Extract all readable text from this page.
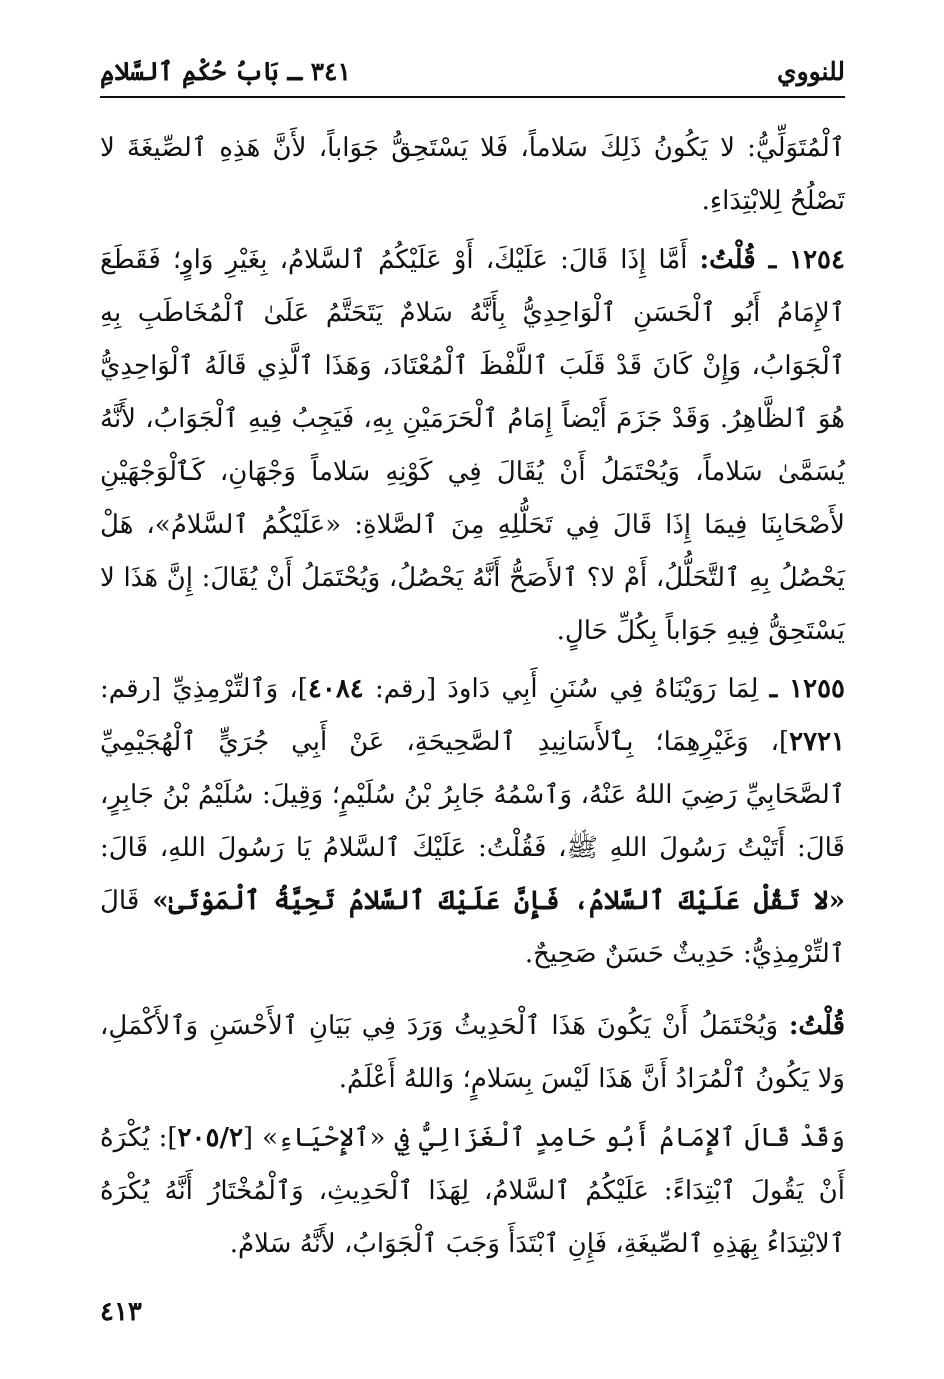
للنووي
٣٤١ ـ بَابُ حُكْمِ ٱلسَّلامِ

ٱلْمُتَوَلِّيُّ: لا يَكُونُ ذَلِكَ سَلاماً، فَلا يَسْتَحِقُّ جَوَاباً، لأَنَّ هَذِهِ ٱلصِّيغَةَ لا تَصْلُحُ لِلابْتِدَاءِ.

١٢٥٤ ـ قُلْتُ: أَمَّا إِذَا قَالَ: عَلَيْكَ، أَوْ عَلَيْكُمُ ٱلسَّلامُ، بِغَيْرِ وَاوٍ؛ فَقَطَعَ ٱلإِمَامُ أَبُو ٱلْحَسَنِ ٱلْوَاحِدِيُّ بِأَنَّهُ سَلامٌ يَتَحَتَّمُ عَلَىٰ ٱلْمُخَاطَبِ بِهِ ٱلْجَوَابُ، وَإِنْ كَانَ قَدْ قَلَبَ ٱللَّفْظَ ٱلْمُعْتَادَ، وَهَذَا ٱلَّذِي قَالَهُ ٱلْوَاحِدِيُّ هُوَ ٱلظَّاهِرُ. وَقَدْ جَزَمَ أَيْضاً إِمَامُ ٱلْحَرَمَيْنِ بِهِ، فَيَجِبُ فِيهِ ٱلْجَوَابُ، لأَنَّهُ يُسَمَّىٰ سَلاماً، وَيُحْتَمَلُ أَنْ يُقَالَ فِي كَوْنِهِ سَلاماً وَجْهَانِ، كَٱلْوَجْهَيْنِ لأَصْحَابِنَا فِيمَا إِذَا قَالَ فِي تَحَلُّلِهِ مِنَ ٱلصَّلاةِ: «عَلَيْكُمُ ٱلسَّلامُ»، هَلْ يَحْصُلُ بِهِ ٱلتَّحَلُّلُ، أَمْ لا؟ ٱلأَصَحُّ أَنَّهُ يَحْصُلُ، وَيُحْتَمَلُ أَنْ يُقَالَ: إِنَّ هَذَا لا يَسْتَحِقُّ فِيهِ جَوَاباً بِكُلِّ حَالٍ.

١٢٥٥ ـ لِمَا رَوَيْنَاهُ فِي سُنَنِ أَبِي دَاودَ [رقم: ٤٠٨٤]، وَٱلتِّرْمِذِيِّ [رقم: ٢٧٢١]، وَغَيْرِهِمَا؛ بِٱلأَسَانِيدِ ٱلصَّحِيحَةِ، عَنْ أَبِي جُرَيٍّ ٱلْهُجَيْمِيِّ ٱلصَّحَابِيِّ رَضِيَ اللهُ عَنْهُ، وَٱسْمُهُ جَابِرُ بْنُ سُلَيْمٍ؛ وَقِيلَ: سُلَيْمُ بْنُ جَابِرٍ، قَالَ: أَتَيْتُ رَسُولَ اللهِ ﷺ، فَقُلْتُ: عَلَيْكَ ٱلسَّلامُ يَا رَسُولَ اللهِ، قَالَ: «لا تَقُلْ عَلَيْكَ ٱلسَّلامُ، فَإِنَّ عَلَيْكَ ٱلسَّلامُ تَحِيَّةُ ٱلْمَوْتَىٰ» قَالَ ٱلتِّرْمِذِيُّ: حَدِيثٌ حَسَنٌ صَحِيحٌ.

قُلْتُ: وَيُحْتَمَلُ أَنْ يَكُونَ هَذَا ٱلْحَدِيثُ وَرَدَ فِي بَيَانِ ٱلأَحْسَنِ وَٱلأَكْمَلِ، وَلا يَكُونُ ٱلْمُرَادُ أَنَّ هَذَا لَيْسَ بِسَلامٍ؛ وَاللهُ أَعْلَمُ.

وَقَدْ قَالَ ٱلإِمَامُ أَبُو حَامِدٍ ٱلْغَزَالِيُّ فِي «ٱلإِحْيَاءِ» [٢٠٥/٢]: يُكْرَهُ أَنْ يَقُولَ ٱبْتِدَاءً: عَلَيْكُمُ ٱلسَّلامُ، لِهَذَا ٱلْحَدِيثِ، وَٱلْمُخْتَارُ أَنَّهُ يُكْرَهُ ٱلابْتِدَاءُ بِهَذِهِ ٱلصِّيغَةِ، فَإِنِ ٱبْتَدَأَ وَجَبَ ٱلْجَوَابُ، لأَنَّهُ سَلامٌ.

٤١٣
